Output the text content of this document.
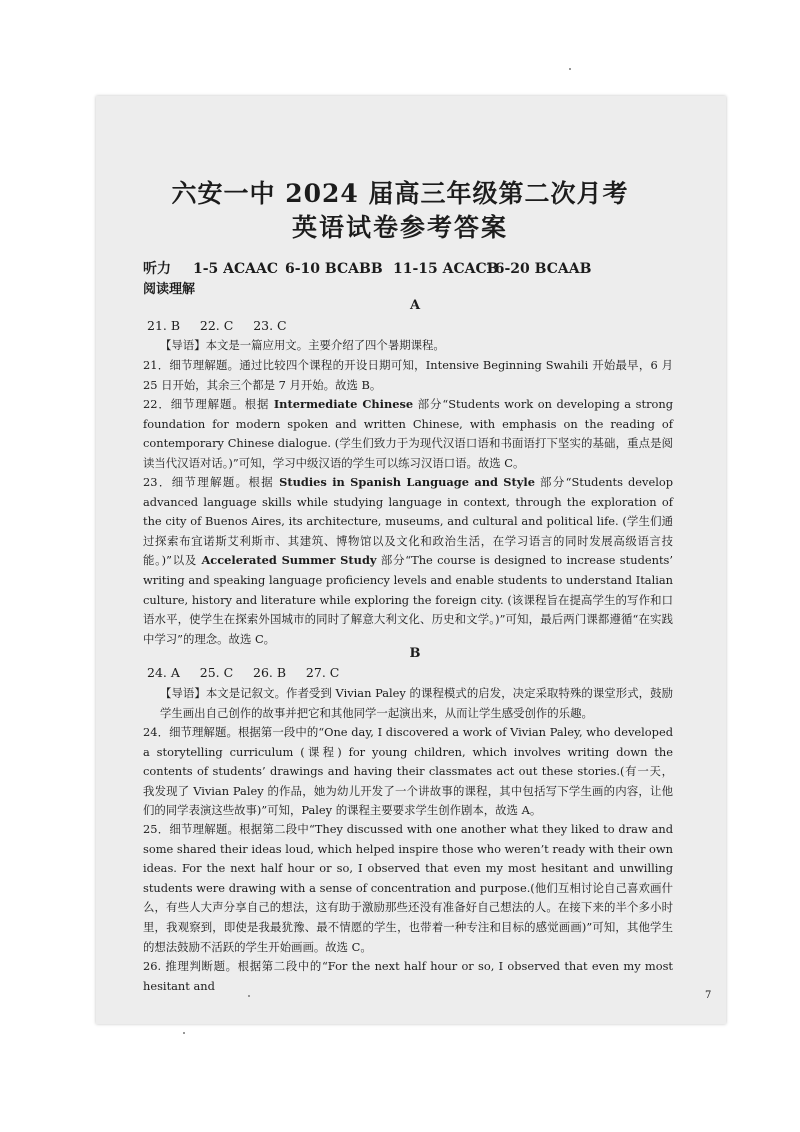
六安一中 2024 届高三年级第二次月考
英语试卷参考答案
听力 1-5 ACAAC 6-10 BCABB 11-15 ACACB16-20 BCAAB
阅读理解
A
21. B     22. C     23. C
【导语】本文是一篇应用文。主要介绍了四个暑期课程。
21．细节理解题。通过比较四个课程的开设日期可知，Intensive Beginning Swahili 开始最早，6 月 25 日开始，其余三个都是 7 月开始。故选 B。
22．细节理解题。根据 Intermediate Chinese 部分“Students work on developing a strong foundation for modern spoken and written Chinese, with emphasis on the reading of contemporary Chinese dialogue. (学生们致力于为现代汉语口语和书面语打下坚实的基础，重点是阅读当代汉语对话。)”可知，学习中级汉语的学生可以练习汉语口语。故选 C。
23．细节理解题。根据 Studies in Spanish Language and Style 部分“Students develop advanced language skills while studying language in context, through the exploration of the city of Buenos Aires, its architecture, museums, and cultural and political life. (学生们通过探索布宜诺斯艾利斯市、其建筑、博物馆以及文化和政治生活，在学习语言的同时发展高级语言技能。)”以及 Accelerated Summer Study 部分“The course is designed to increase students’ writing and speaking language proficiency levels and enable students to understand Italian culture, history and literature while exploring the foreign city. (该课程旨在提高学生的写作和口语水平，使学生在探索外国城市的同时了解意大利文化、历史和文学。)”可知，最后两门课都遵循“在实践中学习”的理念。故选 C。
B
24. A     25. C     26. B     27. C
【导语】本文是记叙文。作者受到 Vivian Paley 的课程模式的启发，决定采取特殊的课堂形式，鼓励学生画出自己创作的故事并把它和其他同学一起演出来，从而让学生感受创作的乐趣。
24．细节理解题。根据第一段中的“One day, I discovered a work of Vivian Paley, who developed a storytelling curriculum (课程) for young children, which involves writing down the contents of students’ drawings and having their classmates act out these stories.(有一天，我发现了 Vivian Paley 的作品，她为幼儿开发了一个讲故事的课程，其中包括写下学生画的内容，让他们的同学表演这些故事)”可知，Paley 的课程主要要求学生创作剧本，故选 A。
25．细节理解题。根据第二段中“They discussed with one another what they liked to draw and some shared their ideas loud, which helped inspire those who weren’t ready with their own ideas. For the next half hour or so, I observed that even my most hesitant and unwilling students were drawing with a sense of concentration and purpose.(他们互相讨论自己喜欢画什么，有些人大声分享自己的想法，这有助于激励那些还没有准备好自己想法的人。在接下来的半个多小时里，我观察到，即使是我最犹豫、最不情愿的学生，也带着一种专注和目标的感觉画画)”可知，其他学生的想法鼓励不活跃的学生开始画画。故选 C。
26. 推理判断题。根据第二段中的“For the next half hour or so, I observed that even my most hesitant and
7
